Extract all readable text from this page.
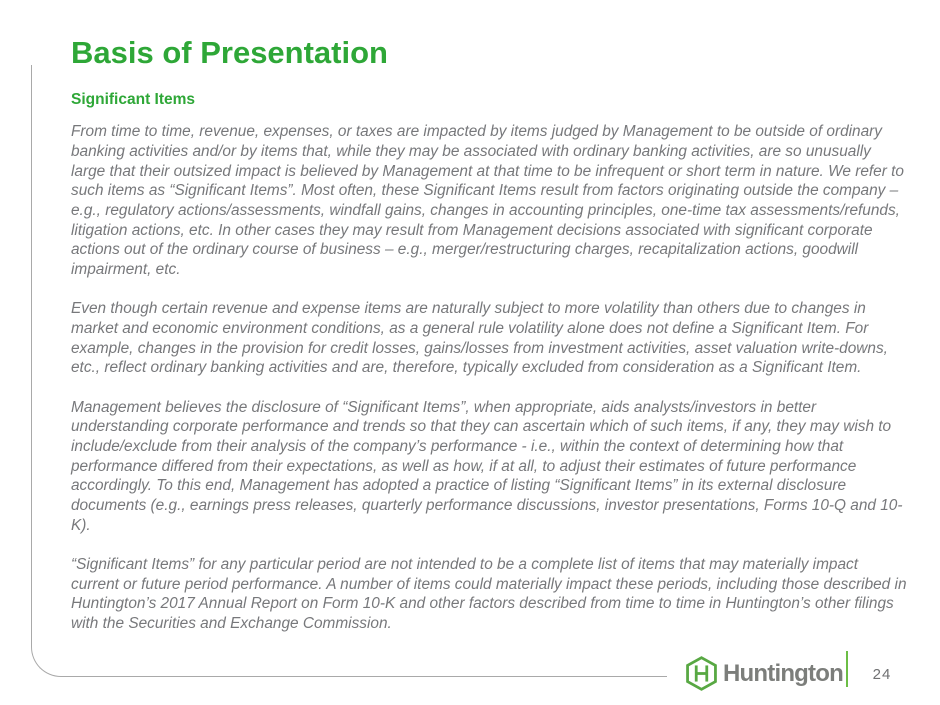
Basis of Presentation
Significant Items

From time to time, revenue, expenses, or taxes are impacted by items judged by Management to be outside of ordinary banking activities and/or by items that, while they may be associated with ordinary banking activities, are so unusually large that their outsized impact is believed by Management at that time to be infrequent or short term in nature. We refer to such items as “Significant Items”. Most often, these Significant Items result from factors originating outside the company – e.g., regulatory actions/assessments, windfall gains, changes in accounting principles, one-time tax assessments/refunds, litigation actions, etc. In other cases they may result from Management decisions associated with significant corporate actions out of the ordinary course of business – e.g., merger/restructuring charges, recapitalization actions, goodwill impairment, etc.

Even though certain revenue and expense items are naturally subject to more volatility than others due to changes in market and economic environment conditions, as a general rule volatility alone does not define a Significant Item. For example, changes in the provision for credit losses, gains/losses from investment activities, asset valuation write-downs, etc., reflect ordinary banking activities and are, therefore, typically excluded from consideration as a Significant Item.

Management believes the disclosure of “Significant Items”, when appropriate, aids analysts/investors in better understanding corporate performance and trends so that they can ascertain which of such items, if any, they may wish to include/exclude from their analysis of the company’s performance - i.e., within the context of determining how that performance differed from their expectations, as well as how, if at all, to adjust their estimates of future performance accordingly. To this end, Management has adopted a practice of listing “Significant Items” in its external disclosure documents (e.g., earnings press releases, quarterly performance discussions, investor presentations, Forms 10-Q and 10-K).

“Significant Items” for any particular period are not intended to be a complete list of items that may materially impact current or future period performance. A number of items could materially impact these periods, including those described in Huntington’s 2017 Annual Report on Form 10-K and other factors described from time to time in Huntington’s other filings with the Securities and Exchange Commission.

Huntington	24
